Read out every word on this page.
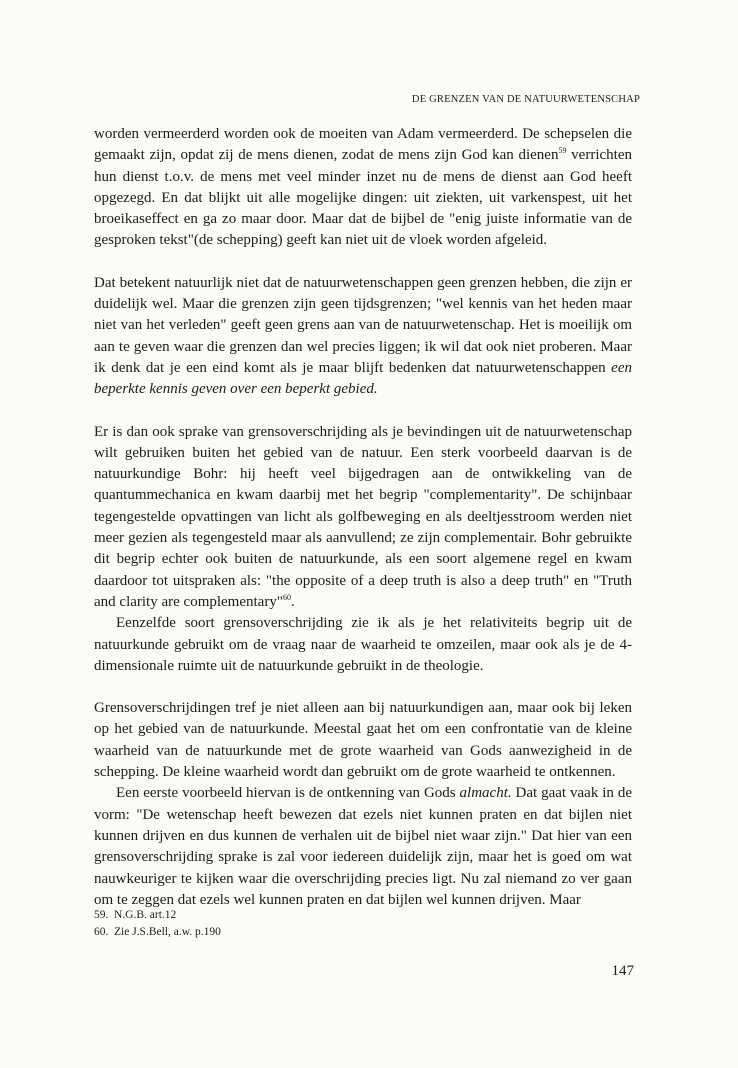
DE GRENZEN VAN DE NATUURWETENSCHAP

worden vermeerderd worden ook de moeiten van Adam vermeerderd. De schepselen die gemaakt zijn, opdat zij de mens dienen, zodat de mens zijn God kan dienen$^{59}$ verrichten hun dienst t.o.v. de mens met veel minder inzet nu de mens de dienst aan God heeft opgezegd. En dat blijkt uit alle mogelijke dingen: uit ziekten, uit varkenspest, uit het broeikaseffect en ga zo maar door. Maar dat de bijbel de "enig juiste informatie van de gesproken tekst"(de schepping) geeft kan niet uit de vloek worden afgeleid.

Dat betekent natuurlijk niet dat de natuurwetenschappen geen grenzen hebben, die zijn er duidelijk wel. Maar die grenzen zijn geen tijdsgrenzen; "wel kennis van het heden maar niet van het verleden" geeft geen grens aan van de natuurwetenschap. Het is moeilijk om aan te geven waar die grenzen dan wel precies liggen; ik wil dat ook niet proberen. Maar ik denk dat je een eind komt als je maar blijft bedenken dat natuurwetenschappen een beperkte kennis geven over een beperkt gebied.

Er is dan ook sprake van grensoverschrijding als je bevindingen uit de natuurwetenschap wilt gebruiken buiten het gebied van de natuur. Een sterk voorbeeld daarvan is de natuurkundige Bohr: hij heeft veel bijgedragen aan de ontwikkeling van de quantummechanica en kwam daarbij met het begrip "complementarity". De schijnbaar tegengestelde opvattingen van licht als golfbeweging en als deeltjesstroom werden niet meer gezien als tegengesteld maar als aanvullend; ze zijn complementair. Bohr gebruikte dit begrip echter ook buiten de natuurkunde, als een soort algemene regel en kwam daardoor tot uitspraken als: "the opposite of a deep truth is also a deep truth" en "Truth and clarity are complementary"$^{60}$.

Eenzelfde soort grensoverschrijding zie ik als je het relativiteits begrip uit de natuurkunde gebruikt om de vraag naar de waarheid te omzeilen, maar ook als je de 4-dimensionale ruimte uit de natuurkunde gebruikt in de theologie.

Grensoverschrijdingen tref je niet alleen aan bij natuurkundigen aan, maar ook bij leken op het gebied van de natuurkunde. Meestal gaat het om een confrontatie van de kleine waarheid van de natuurkunde met de grote waarheid van Gods aanwezigheid in de schepping. De kleine waarheid wordt dan gebruikt om de grote waarheid te ontkennen.

Een eerste voorbeeld hiervan is de ontkenning van Gods almacht. Dat gaat vaak in de vorm: "De wetenschap heeft bewezen dat ezels niet kunnen praten en dat bijlen niet kunnen drijven en dus kunnen de verhalen uit de bijbel niet waar zijn." Dat hier van een grensoverschrijding sprake is zal voor iedereen duidelijk zijn, maar het is goed om wat nauwkeuriger te kijken waar die overschrijding precies ligt. Nu zal niemand zo ver gaan om te zeggen dat ezels wel kunnen praten en dat bijlen wel kunnen drijven. Maar

59. N.G.B. art.12
60. Zie J.S.Bell, a.w. p.190
147
